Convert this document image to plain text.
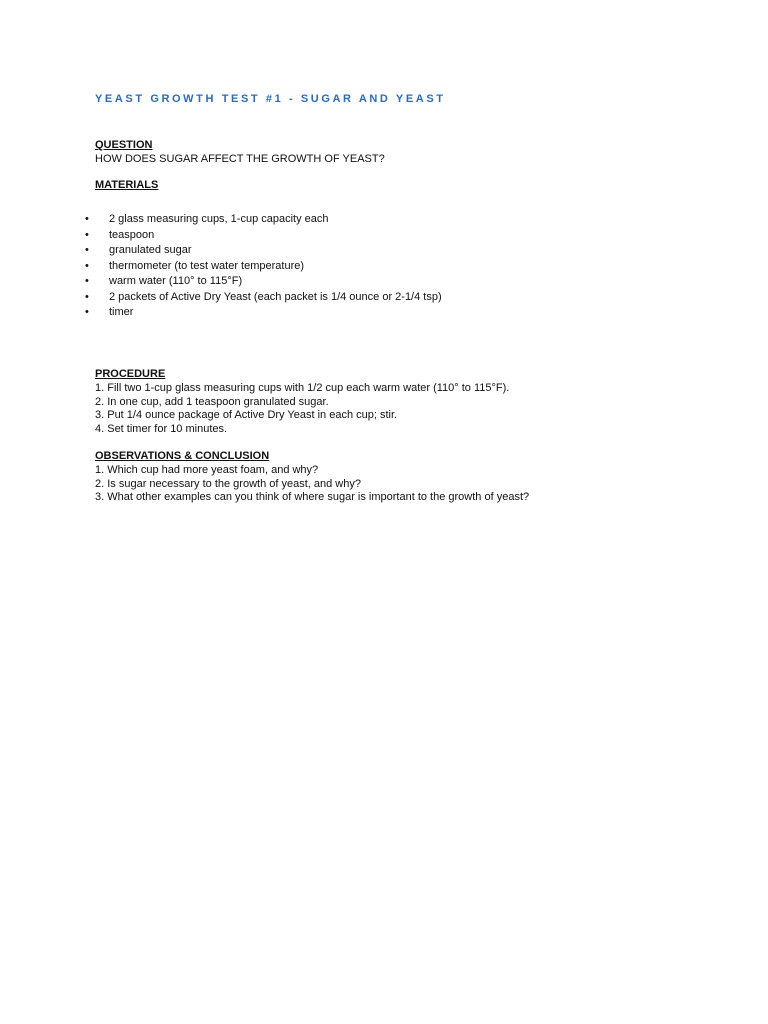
YEAST GROWTH TEST #1 - SUGAR AND YEAST
QUESTION
HOW DOES SUGAR AFFECT THE GROWTH OF YEAST?
MATERIALS
•	2 glass measuring cups, 1-cup capacity each
•	teaspoon
•	granulated sugar
•	thermometer (to test water temperature)
•	warm water (110° to 115°F)
•	2 packets of Active Dry Yeast (each packet is 1/4 ounce or 2-1/4 tsp)
•	timer
PROCEDURE
1. Fill two 1-cup glass measuring cups with 1/2 cup each warm water (110° to 115°F).
2. In one cup, add 1 teaspoon granulated sugar.
3. Put 1/4 ounce package of Active Dry Yeast in each cup; stir.
4. Set timer for 10 minutes.
OBSERVATIONS & CONCLUSION
1. Which cup had more yeast foam, and why?
2. Is sugar necessary to the growth of yeast, and why?
3. What other examples can you think of where sugar is important to the growth of yeast?
